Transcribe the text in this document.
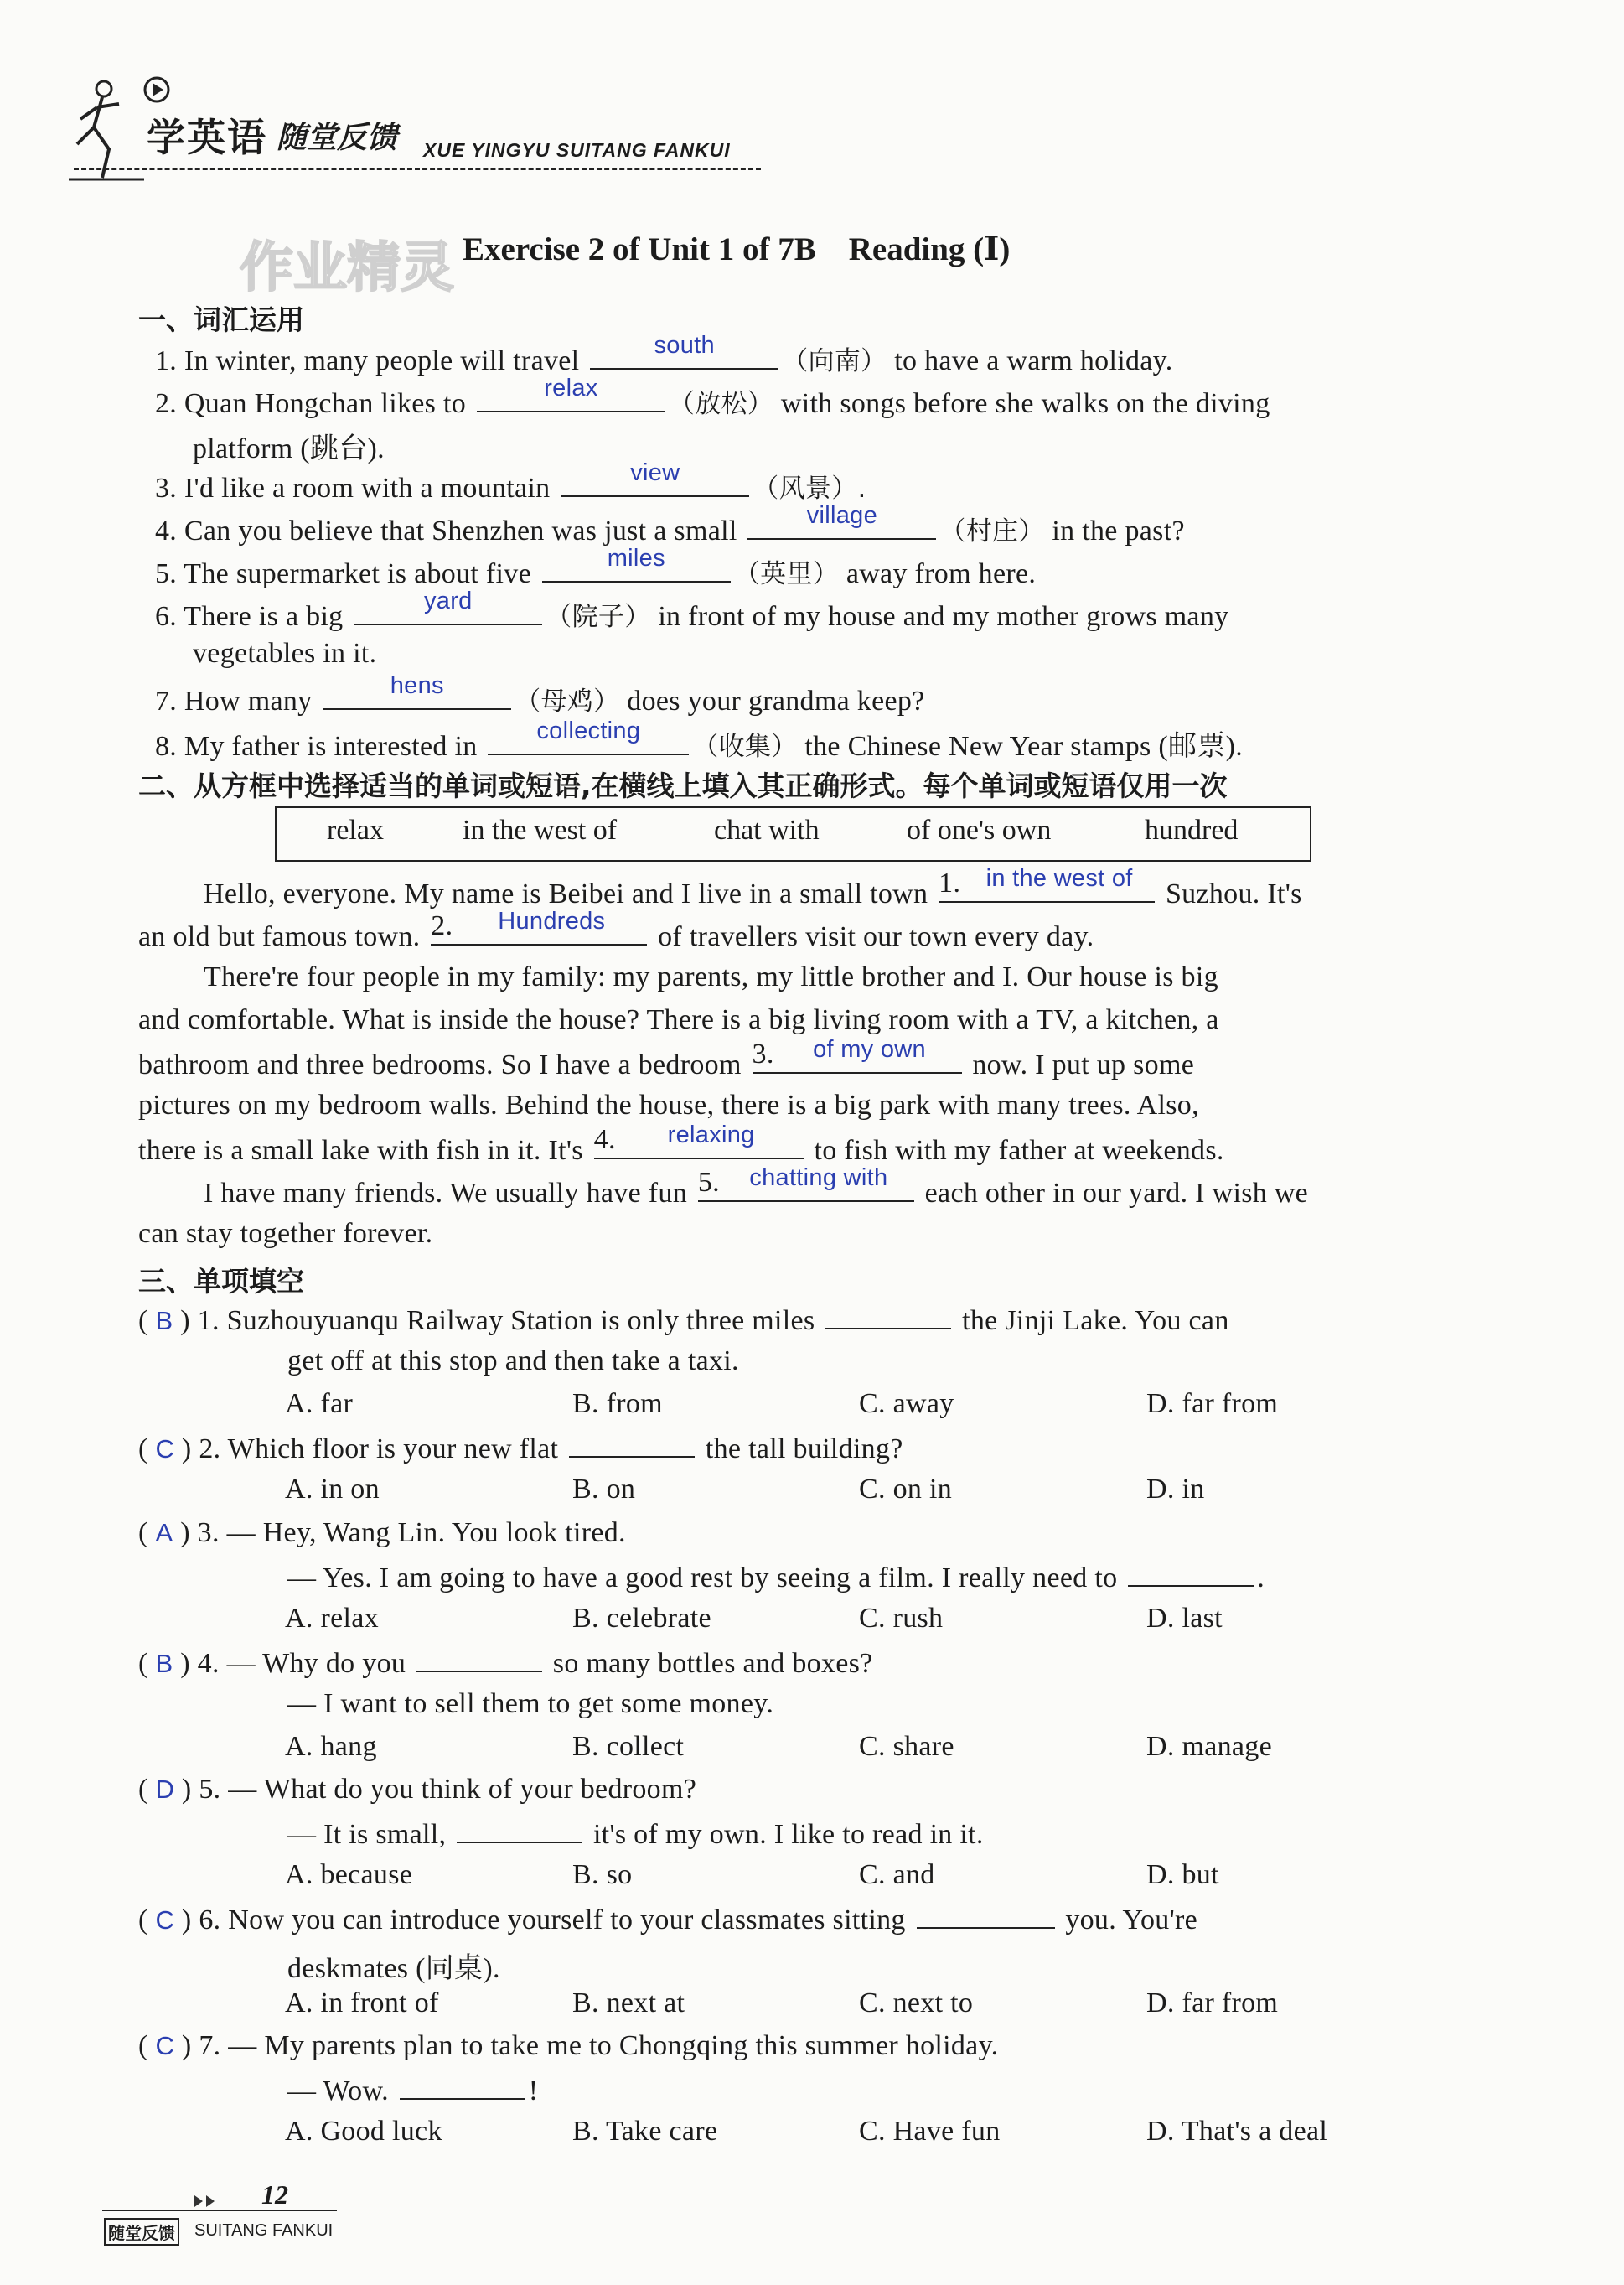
学英语 随堂反馈 XUE YINGYU SUITANG FANKUI
作业精灵 Exercise 2 of Unit 1 of 7B　Reading (Ⅰ)
一、词汇运用
1. In winter, many people will travel	south
（向南） to have a warm holiday.
2. Quan Hongchan likes to	relax
（放松） with songs before she walks on the diving
platform (跳台).
3. I'd like a room with a mountain	view
（风景）.
4. Can you believe that Shenzhen was just a small	village
（村庄） in the past?
5. The supermarket is about five	miles
（英里） away from here.
6. There is a big	yard
（院子） in front of my house and my mother grows many
vegetables in it.
7. How many	hens
（母鸡） does your grandma keep?
8. My father is interested in	collecting
（收集） the Chinese New Year stamps (邮票).
二、从方框中选择适当的单词或短语,在横线上填入其正确形式。每个单词或短语仅用一次
relax	in the west of	chat with	of one's own	hundred
Hello, everyone. My name is Beibei and I live in a small town 1.	in the west of	Suzhou. It's
an old but famous town. 2.	Hundreds	of travellers visit our town every day.
There're four people in my family: my parents, my little brother and I. Our house is big
and comfortable. What is inside the house? There is a big living room with a TV, a kitchen, a
bathroom and three bedrooms. So I have a bedroom 3.	of my own	now. I put up some
pictures on my bedroom walls. Behind the house, there is a big park with many trees. Also,
there is a small lake with fish in it. It's 4.	relaxing	to fish with my father at weekends.
I have many friends. We usually have fun 5.	chatting with	each other in our yard. I wish we
can stay together forever.
三、单项填空
( B ) 1. Suzhouyuanqu Railway Station is only three miles	the Jinji Lake. You can
get off at this stop and then take a taxi.
A. far	B. from	C. away	D. far from
( C ) 2. Which floor is your new flat	the tall building?
A. in on	B. on	C. on in	D. in
( A ) 3. — Hey, Wang Lin. You look tired.
— Yes. I am going to have a good rest by seeing a film. I really need to	.
A. relax	B. celebrate	C. rush	D. last
( B ) 4. — Why do you	so many bottles and boxes?
— I want to sell them to get some money.
A. hang	B. collect	C. share	D. manage
( D ) 5. — What do you think of your bedroom?
— It is small,	it's of my own. I like to read in it.
A. because	B. so	C. and	D. but
( C ) 6. Now you can introduce yourself to your classmates sitting	you. You're
deskmates (同桌).
A. in front of	B. next at	C. next to	D. far from
( C ) 7. — My parents plan to take me to Chongqing this summer holiday.
— Wow.	!
A. Good luck	B. Take care	C. Have fun	D. That's a deal
12
随堂反馈 SUITANG FANKUI
